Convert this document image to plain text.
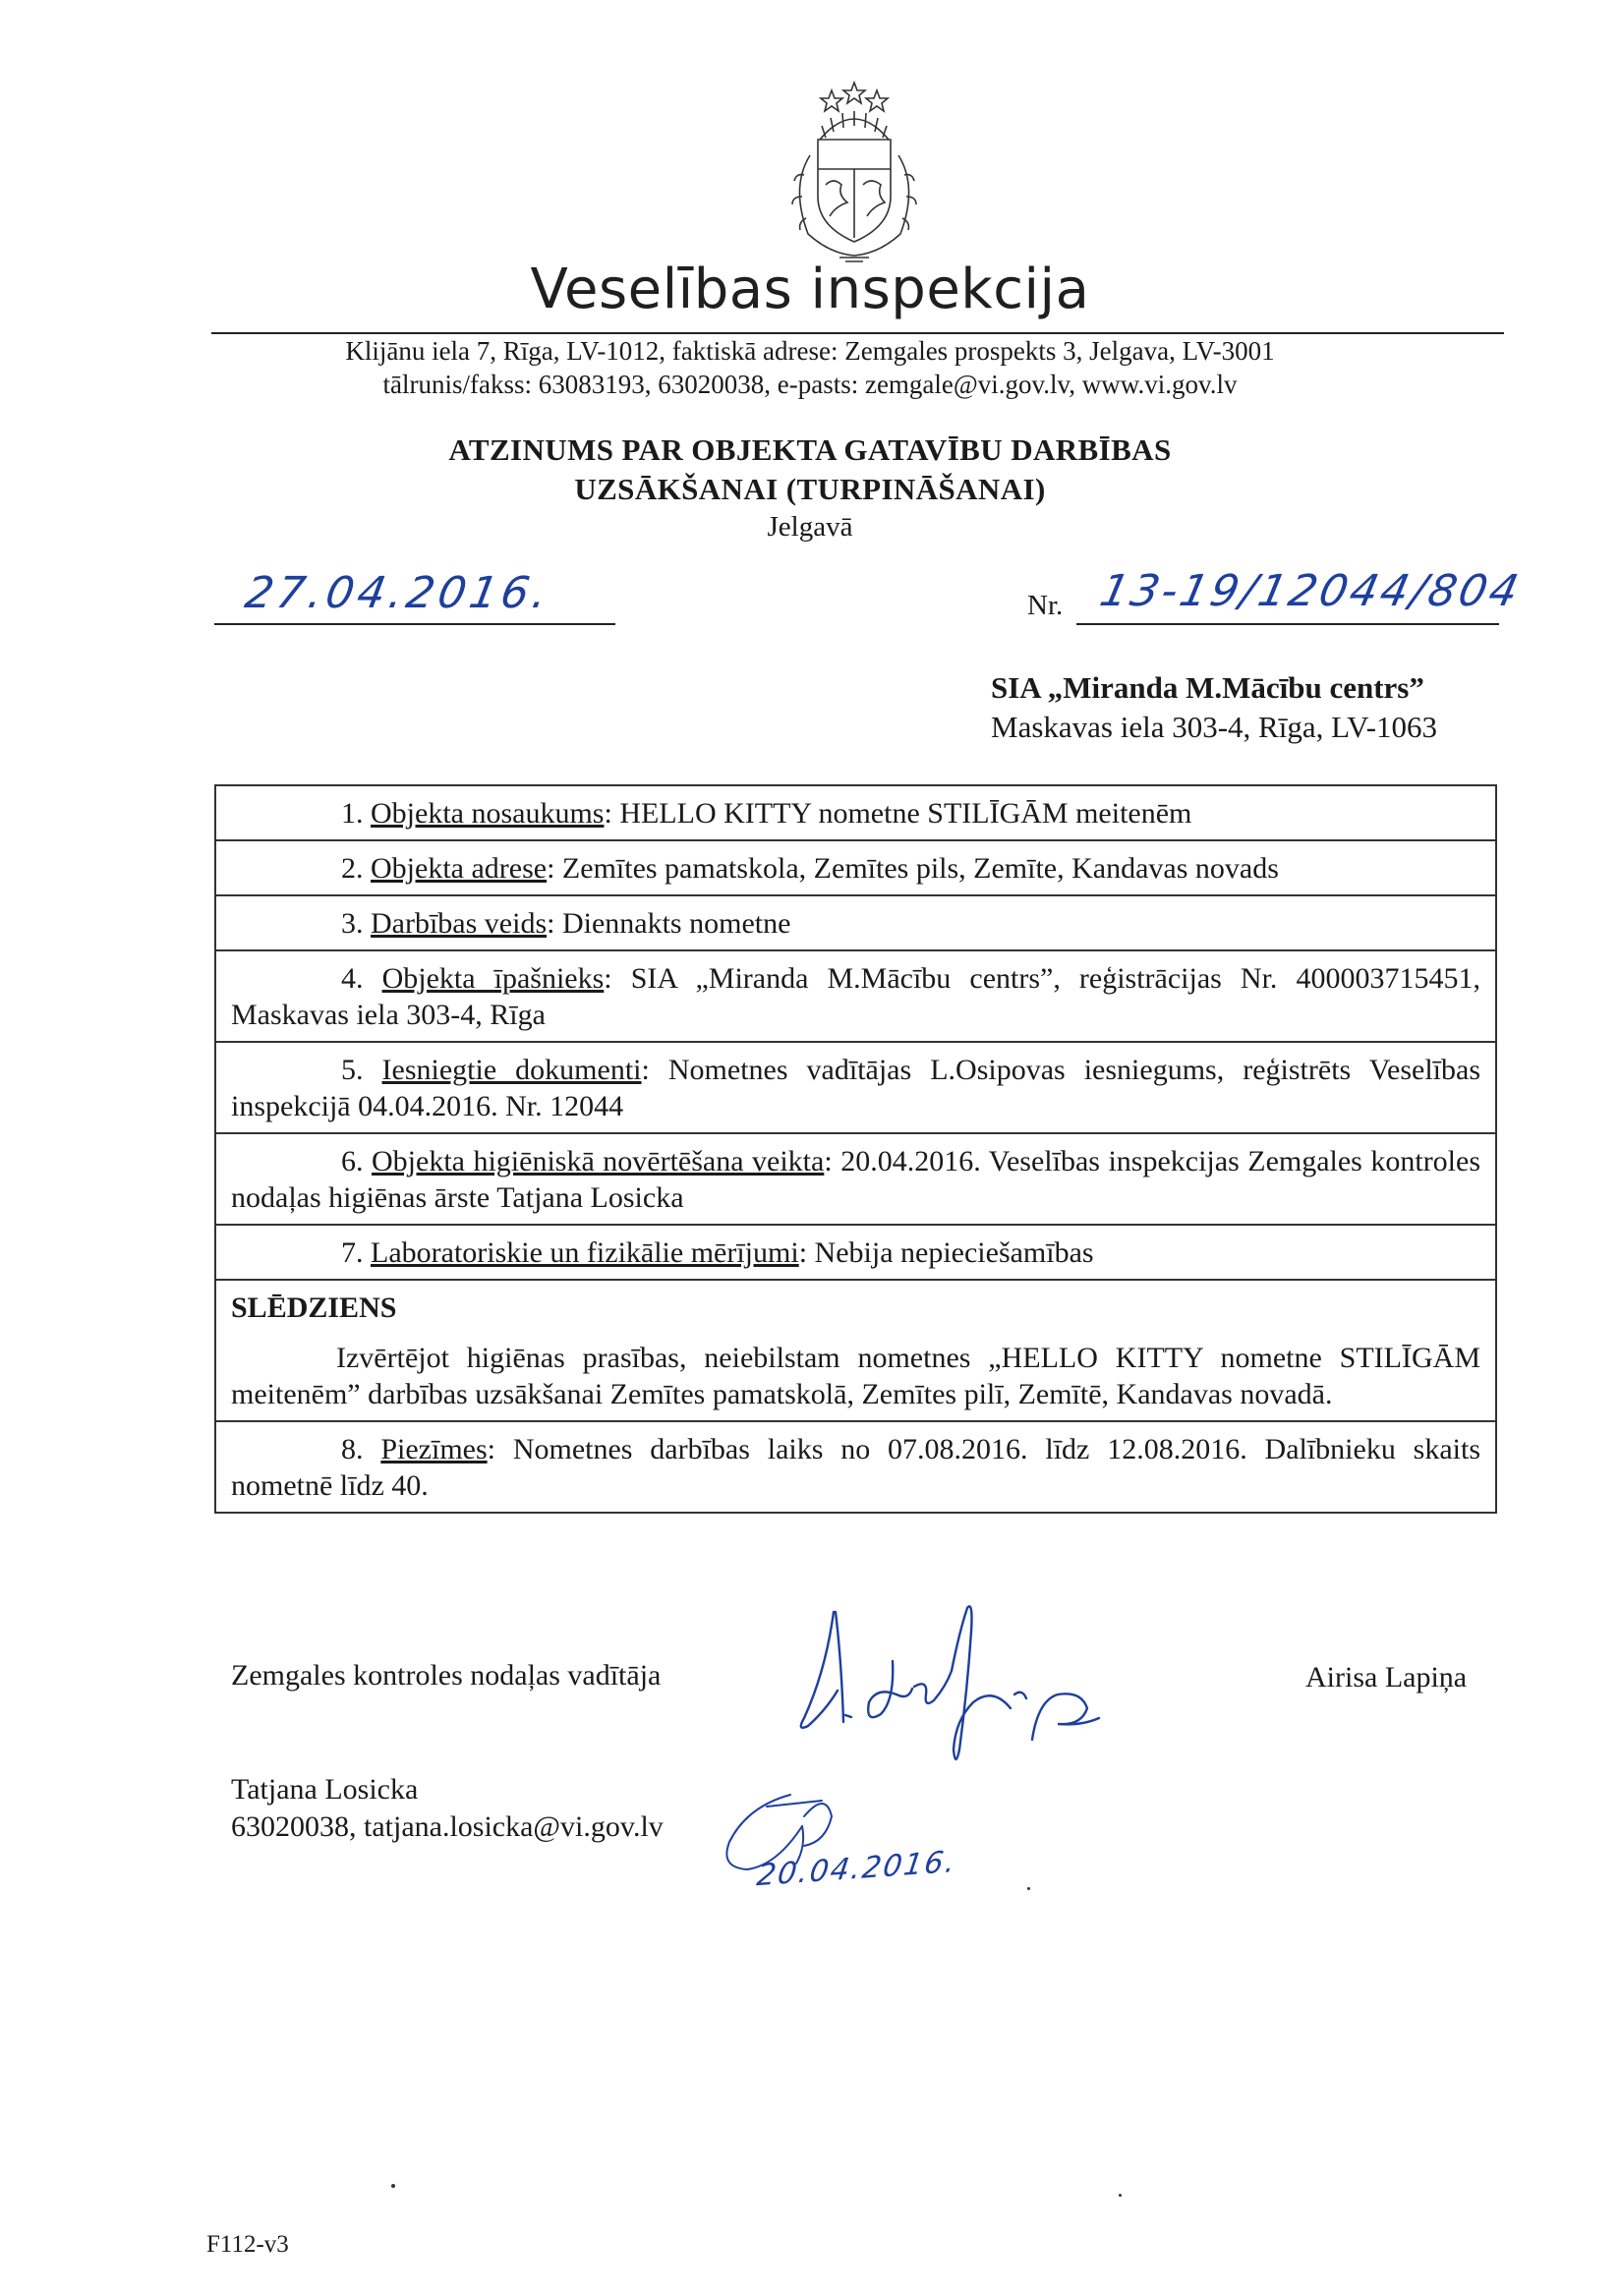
Veselības inspekcija
Klijānu iela 7, Rīga, LV-1012, faktiskā adrese: Zemgales prospekts 3, Jelgava, LV-3001
tālrunis/fakss: 63083193, 63020038, e-pasts: zemgale@vi.gov.lv, www.vi.gov.lv
ATZINUMS PAR OBJEKTA GATAVĪBU DARBĪBAS
UZSĀKŠANAI (TURPINĀŠANAI)
Jelgavā
27.04.2016.	Nr. 13-19/12044/804
SIA „Miranda M.Mācību centrs”
Maskavas iela 303-4, Rīga, LV-1063
1. Objekta nosaukums: HELLO KITTY nometne STILĪGĀM meitenēm
2. Objekta adrese: Zemītes pamatskola, Zemītes pils, Zemīte, Kandavas novads
3. Darbības veids: Diennakts nometne
4. Objekta īpašnieks: SIA „Miranda M.Mācību centrs”, reģistrācijas Nr. 400003715451, Maskavas iela 303-4, Rīga
5. Iesniegtie dokumenti: Nometnes vadītājas L.Osipovas iesniegums, reģistrēts Veselības inspekcijā 04.04.2016. Nr. 12044
6. Objekta higiēniskā novērtēšana veikta: 20.04.2016. Veselības inspekcijas Zemgales kontroles nodaļas higiēnas ārste Tatjana Losicka
7. Laboratoriskie un fizikālie mērījumi: Nebija nepieciešamības
SLĒDZIENS
Izvērtējot higiēnas prasības, neiebilstam nometnes „HELLO KITTY nometne STILĪGĀM meitenēm” darbības uzsākšanai Zemītes pamatskolā, Zemītes pilī, Zemītē, Kandavas novadā.
8. Piezīmes: Nometnes darbības laiks no 07.08.2016. līdz 12.08.2016. Dalībnieku skaits nometnē līdz 40.
Zemgales kontroles nodaļas vadītāja	Airisa Lapiņa
Tatjana Losicka
63020038, tatjana.losicka@vi.gov.lv
20.04.2016.
F112-v3
